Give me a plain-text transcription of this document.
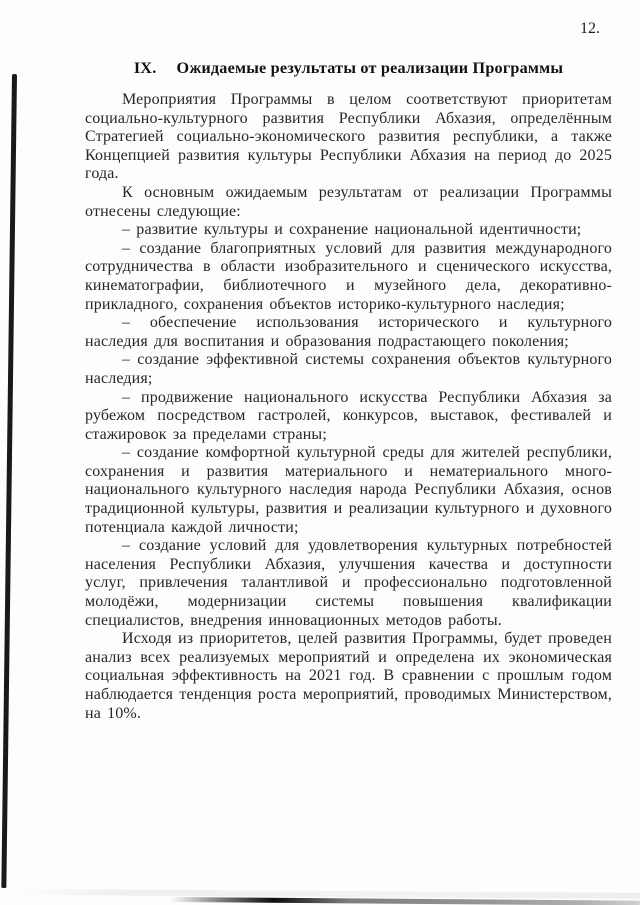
12.
IX. Ожидаемые результаты от реализации Программы

Мероприятия Программы в целом соответствуют приоритетам социально-культурного развития Республики Абхазия, определённым Стратегией социально-экономического развития республики, а также Концепцией развития культуры Республики Абхазия на период до 2025 года.

К основным ожидаемым результатам от реализации Программы отнесены следующие:

– развитие культуры и сохранение национальной идентичности;

– создание благоприятных условий для развития международного сотрудничества в области изобразительного и сценического искусства, кинематографии, библиотечного и музейного дела, декоративно-прикладного, сохранения объектов историко-культурного наследия;

– обеспечение использования исторического и культурного наследия для воспитания и образования подрастающего поколения;

– создание эффективной системы сохранения объектов культурного наследия;

– продвижение национального искусства Республики Абхазия за рубежом посредством гастролей, конкурсов, выставок, фестивалей и стажировок за пределами страны;

– создание комфортной культурной среды для жителей республики, сохранения и развития материального и нематериального много-национального культурного наследия народа Республики Абхазия, основ традиционной культуры, развития и реализации культурного и духовного потенциала каждой личности;

– создание условий для удовлетворения культурных потребностей населения Республики Абхазия, улучшения качества и доступности услуг, привлечения талантливой и профессионально подготовленной молодёжи, модернизации системы повышения квалификации специалистов, внедрения инновационных методов работы.

Исходя из приоритетов, целей развития Программы, будет проведен анализ всех реализуемых мероприятий и определена их экономическая социальная эффективность на 2021 год. В сравнении с прошлым годом наблюдается тенденция роста мероприятий, проводимых Министерством, на 10%.
